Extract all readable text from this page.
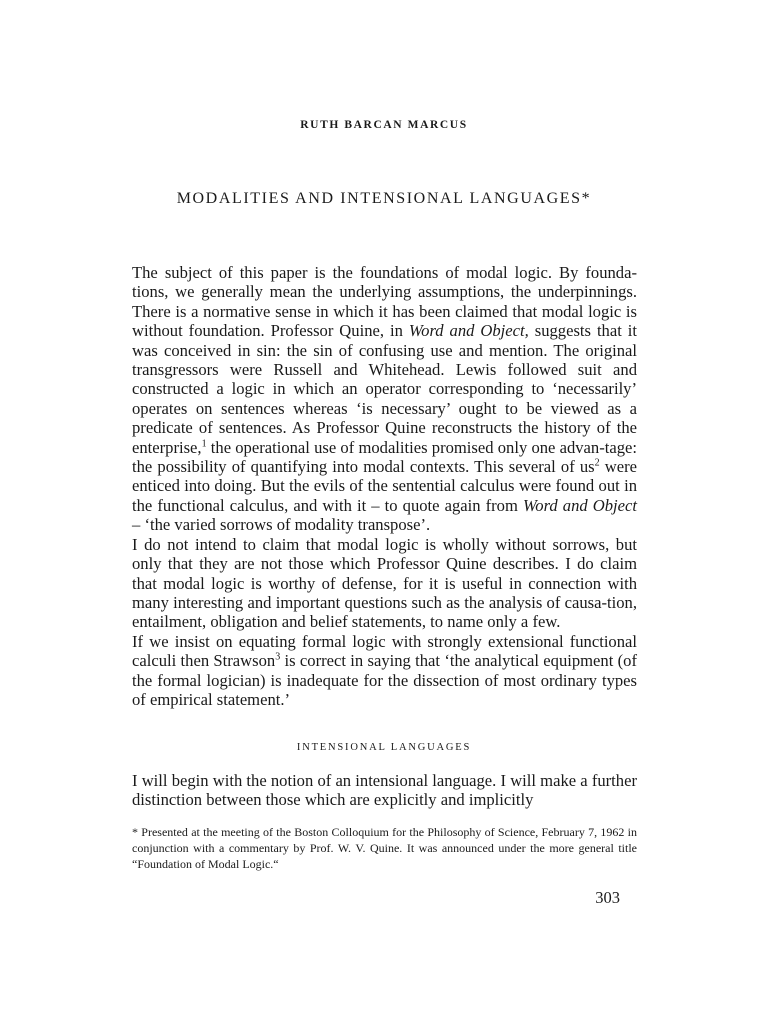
RUTH BARCAN MARCUS
MODALITIES AND INTENSIONAL LANGUAGES*

The subject of this paper is the foundations of modal logic. By founda-tions, we generally mean the underlying assumptions, the underpinnings. There is a normative sense in which it has been claimed that modal logic is without foundation. Professor Quine, in Word and Object, suggests that it was conceived in sin: the sin of confusing use and mention. The original transgressors were Russell and Whitehead. Lewis followed suit and constructed a logic in which an operator corresponding to ‘necessarily’ operates on sentences whereas ‘is necessary’ ought to be viewed as a predicate of sentences. As Professor Quine reconstructs the history of the enterprise,$^1$ the operational use of modalities promised only one advan-tage: the possibility of quantifying into modal contexts. This several of $us^2$ were enticed into doing. But the evils of the sentential calculus were found out in the functional calculus, and with it – to quote again from Word and Object – ‘the varied sorrows of modality transpose’.

I do not intend to claim that modal logic is wholly without sorrows, but only that they are not those which Professor Quine describes. I do claim that modal logic is worthy of defense, for it is useful in connection with many interesting and important questions such as the analysis of causa-tion, entailment, obligation and belief statements, to name only a few.

If we insist on equating formal logic with strongly extensional functional calculi then Strawson$^3$ is correct in saying that ‘the analytical equipment (of the formal logician) is inadequate for the dissection of most ordinary types of empirical statement.’

INTENSIONAL LANGUAGES

I will begin with the notion of an intensional language. I will make a further distinction between those which are explicitly and implicitly

* Presented at the meeting of the Boston Colloquium for the Philosophy of Science, February 7, 1962 in conjunction with a commentary by Prof. W. V. Quine. It was announced under the more general title “Foundation of Modal Logic.“
303
